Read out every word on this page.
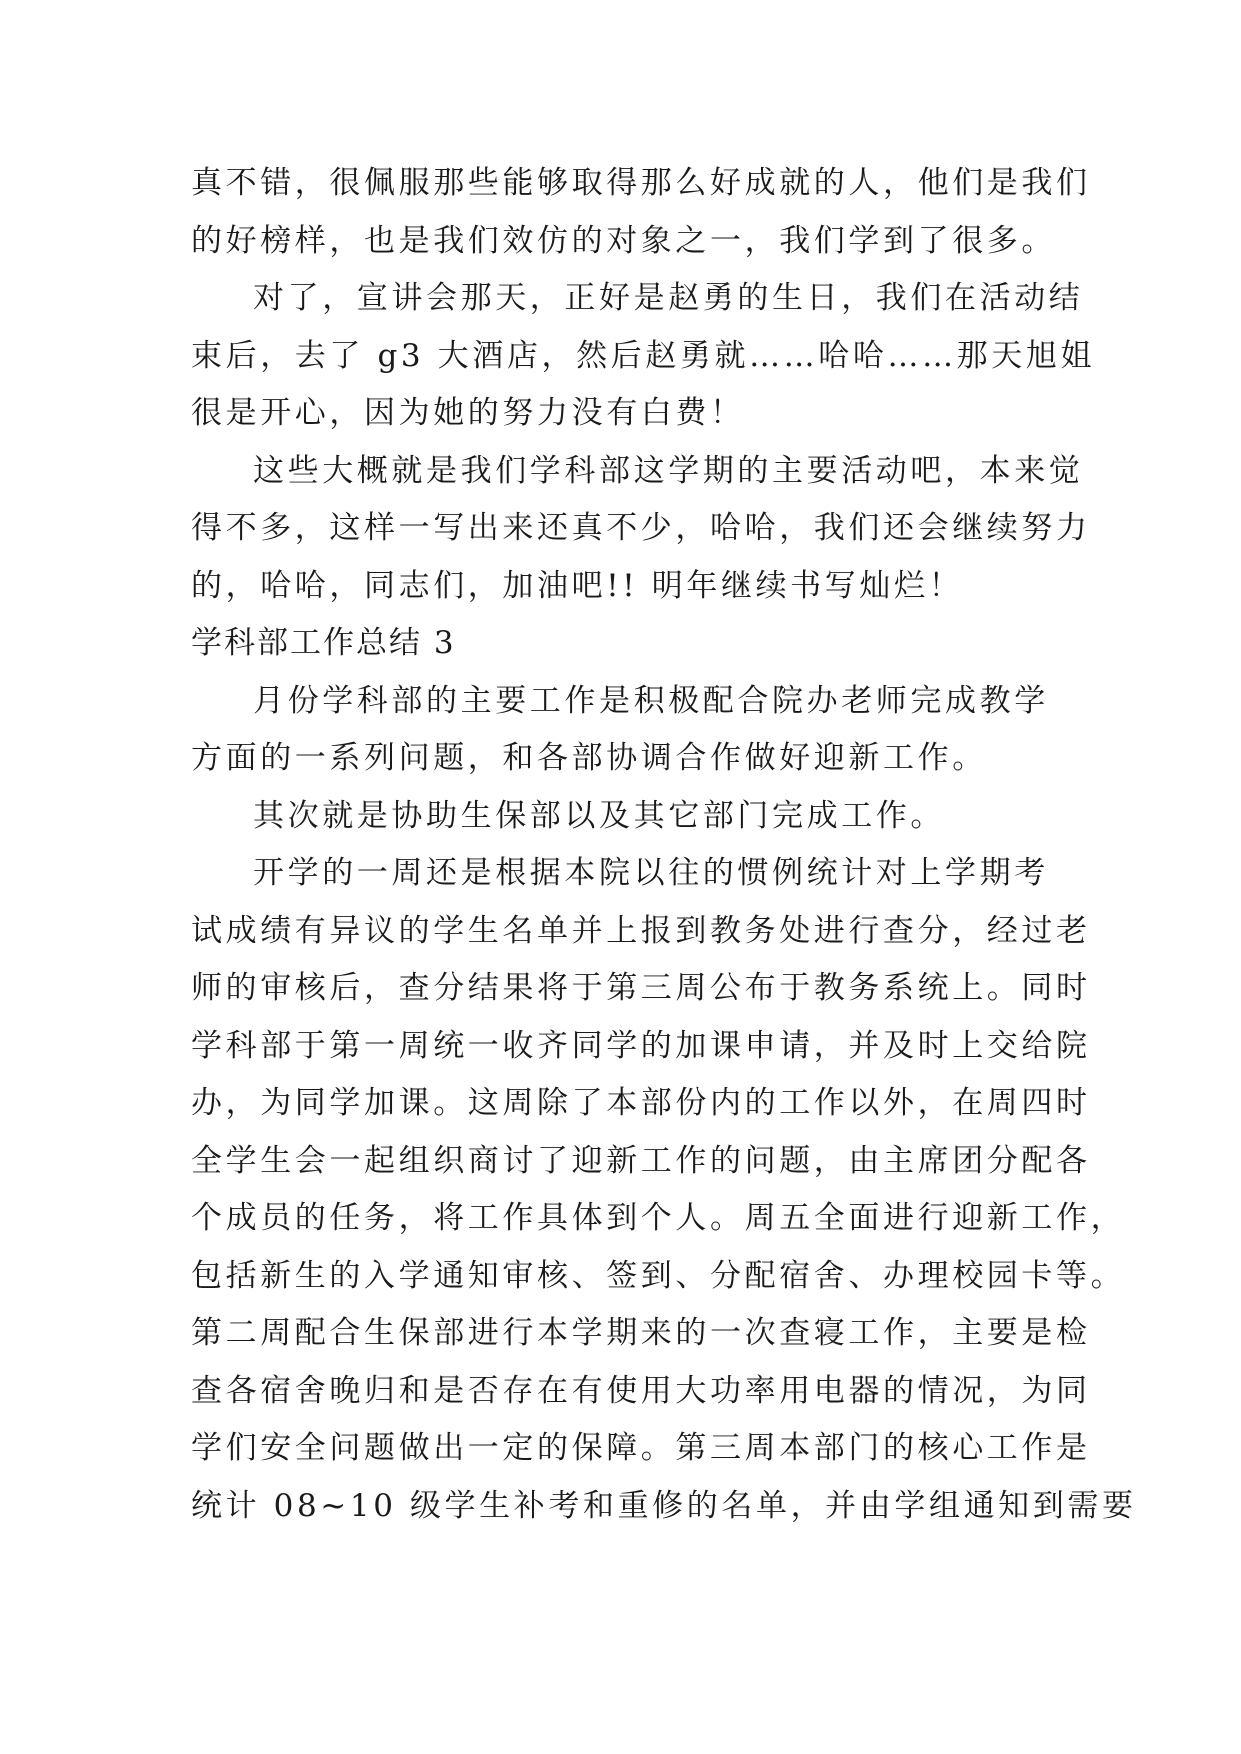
真不错，很佩服那些能够取得那么好成就的人，他们是我们
的好榜样，也是我们效仿的对象之一，我们学到了很多。

对了，宣讲会那天，正好是赵勇的生日，我们在活动结
束后，去了 g3 大酒店，然后赵勇就……哈哈……那天旭姐
很是开心，因为她的努力没有白费！

这些大概就是我们学科部这学期的主要活动吧，本来觉
得不多，这样一写出来还真不少，哈哈，我们还会继续努力
的，哈哈，同志们，加油吧!! 明年继续书写灿烂！

学科部工作总结 3

月份学科部的主要工作是积极配合院办老师完成教学
方面的一系列问题，和各部协调合作做好迎新工作。

其次就是协助生保部以及其它部门完成工作。

开学的一周还是根据本院以往的惯例统计对上学期考
试成绩有异议的学生名单并上报到教务处进行查分，经过老
师的审核后，查分结果将于第三周公布于教务系统上。同时
学科部于第一周统一收齐同学的加课申请，并及时上交给院
办，为同学加课。这周除了本部份内的工作以外，在周四时
全学生会一起组织商讨了迎新工作的问题，由主席团分配各
个成员的任务，将工作具体到个人。周五全面进行迎新工作，
包括新生的入学通知审核、签到、分配宿舍、办理校园卡等。
第二周配合生保部进行本学期来的一次查寝工作，主要是检
查各宿舍晚归和是否存在有使用大功率用电器的情况，为同
学们安全问题做出一定的保障。第三周本部门的核心工作是
统计 08~10 级学生补考和重修的名单，并由学组通知到需要
